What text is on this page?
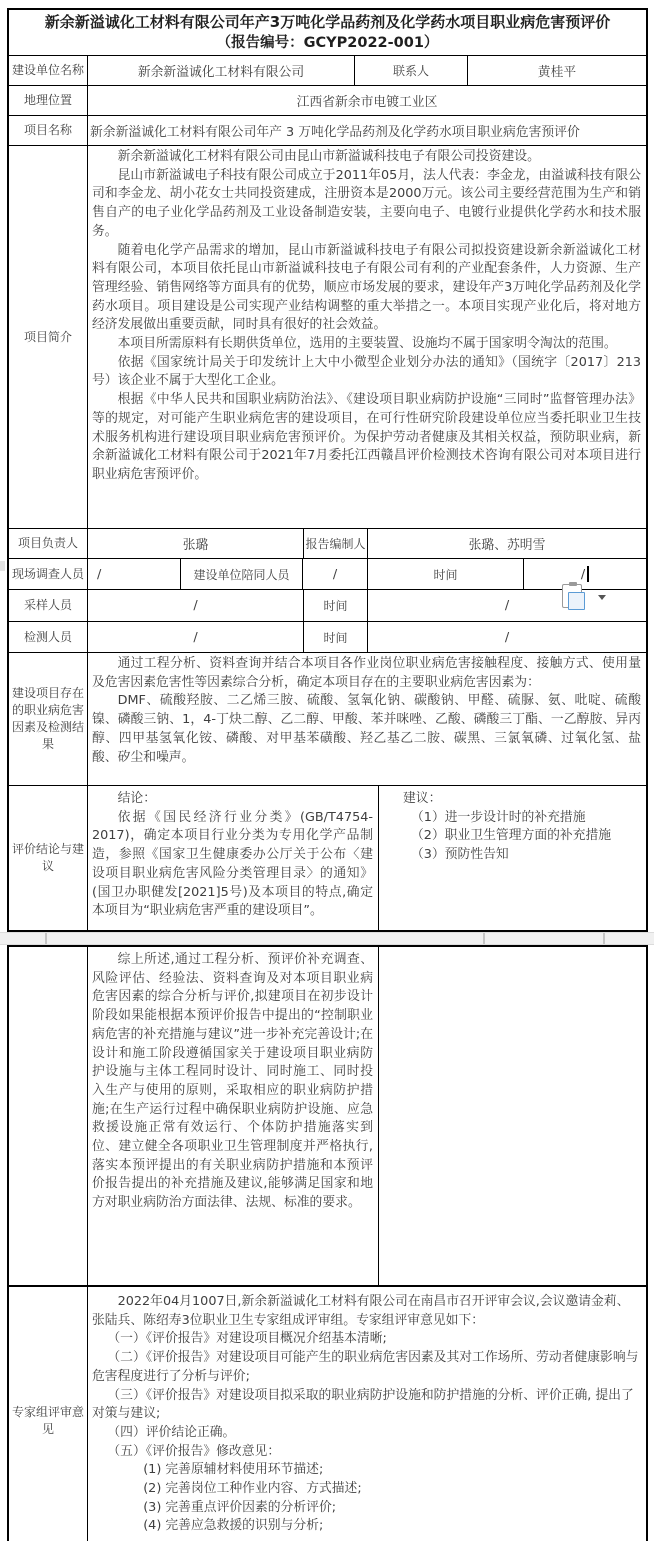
新余新溢诚化工材料有限公司年产3万吨化学品药剂及化学药水项目职业病危害预评价
（报告编号：GCYP2022-001）
建设单位名称	新余新溢诚化工材料有限公司	联系人	黄桂平
地理位置	江西省新余市电镀工业区
项目名称	新余新溢诚化工材料有限公司年产 3 万吨化学品药剂及化学药水项目职业病危害预评价
项目简介

新余新溢诚化工材料有限公司由昆山市新溢诚科技电子有限公司投资建设。

昆山市新溢诚电子科技有限公司成立于2011年05月，法人代表：李金龙，由溢诚科技有限公司和李金龙、胡小花女士共同投资建成，注册资本是2000万元。该公司主要经营范围为生产和销售自产的电子业化学品药剂及工业设备制造安装，主要向电子、电镀行业提供化学药水和技术服务。

随着电化学产品需求的增加，昆山市新溢诚科技电子有限公司拟投资建设新余新溢诚化工材料有限公司，本项目依托昆山市新溢诚科技电子有限公司有利的产业配套条件，人力资源、生产管理经验、销售网络等方面具有的优势，顺应市场发展的要求，建设年产3万吨化学品药剂及化学药水项目。项目建设是公司实现产业结构调整的重大举措之一。本项目实现产业化后，将对地方经济发展做出重要贡献，同时具有很好的社会效益。

本项目所需原料有长期供货单位，选用的主要装置、设施均不属于国家明令淘汰的范围。

依据《国家统计局关于印发统计上大中小微型企业划分办法的通知》（国统字〔2017〕213号）该企业不属于大型化工企业。

根据《中华人民共和国职业病防治法》、《建设项目职业病防护设施“三同时”监督管理办法》等的规定，对可能产生职业病危害的建设项目，在可行性研究阶段建设单位应当委托职业卫生技术服务机构进行建设项目职业病危害预评价。为保护劳动者健康及其相关权益，预防职业病，新余新溢诚化工材料有限公司于2021年7月委托江西赣昌评价检测技术咨询有限公司对本项目进行职业病危害预评价。

项目负责人	张璐	报告编制人	张璐、苏明雪
现场调查人员	/	建设单位陪同人员	/	时间	/
采样人员	/	时间	/
检测人员	/	时间	/
建设项目存在的职业病危害因素及检测结果

通过工程分析、资料查询并结合本项目各作业岗位职业病危害接触程度、接触方式、使用量及危害因素危害性等因素综合分析，确定本项目存在的主要职业病危害因素为：

DMF、硫酸羟胺、二乙烯三胺、硫酸、氢氧化钠、碳酸钠、甲醛、硫脲、氨、吡啶、硫酸镍、磷酸三钠、1，4-丁炔二醇、乙二醇、甲酸、苯并咪唑、乙酸、磷酸三丁酯、一乙醇胺、异丙醇、四甲基氢氧化铵、磷酸、对甲基苯磺酸、羟乙基乙二胺、碳黑、三氯氧磷、过氧化氢、盐酸、矽尘和噪声。

评价结论与建议

结论：

依据《国民经济行业分类》(GB/T4754-2017)，确定本项目行业分类为专用化学产品制造，参照《国家卫生健康委办公厅关于公布〈建设项目职业病危害风险分类管理目录〉的通知》(国卫办职健发[2021]5号)及本项目的特点,确定本项目为“职业病危害严重的建设项目”。

建议：

（1）进一步设计时的补充措施

（2）职业卫生管理方面的补充措施

（3）预防性告知

综上所述,通过工程分析、预评价补充调查、风险评估、经验法、资料查询及对本项目职业病危害因素的综合分析与评价,拟建项目在初步设计阶段如果能根据本预评价报告中提出的“控制职业病危害的补充措施与建议”进一步补充完善设计;在设计和施工阶段遵循国家关于建设项目职业病防护设施与主体工程同时设计、同时施工、同时投入生产与使用的原则，采取相应的职业病防护措施;在生产运行过程中确保职业病防护设施、应急救援设施正常有效运行、个体防护措施落实到位、建立健全各项职业卫生管理制度并严格执行,落实本预评提出的有关职业病防护措施和本预评价报告提出的补充措施及建议,能够满足国家和地方对职业病防治方面法律、法规、标准的要求。

专家组评审意见

2022年04月1007日,新余新溢诚化工材料有限公司在南昌市召开评审会议,会议邀请金莉、张陆兵、陈绍寿3位职业卫生专家组成评审组。专家组评审意见如下：

（一）《评价报告》对建设项目概况介绍基本清晰;

（二）《评价报告》对建设项目可能产生的职业病危害因素及其对工作场所、劳动者健康影响与危害程度进行了分析与评价;

（三）《评价报告》对建设项目拟采取的职业病防护设施和防护措施的分析、评价正确, 提出了对策与建议;

（四）评价结论正确。

（五）《评价报告》修改意见：

(1) 完善原辅材料使用环节描述;

(2) 完善岗位工种作业内容、方式描述;

(3) 完善重点评价因素的分析评价;

(4) 完善应急救援的识别与分析;
